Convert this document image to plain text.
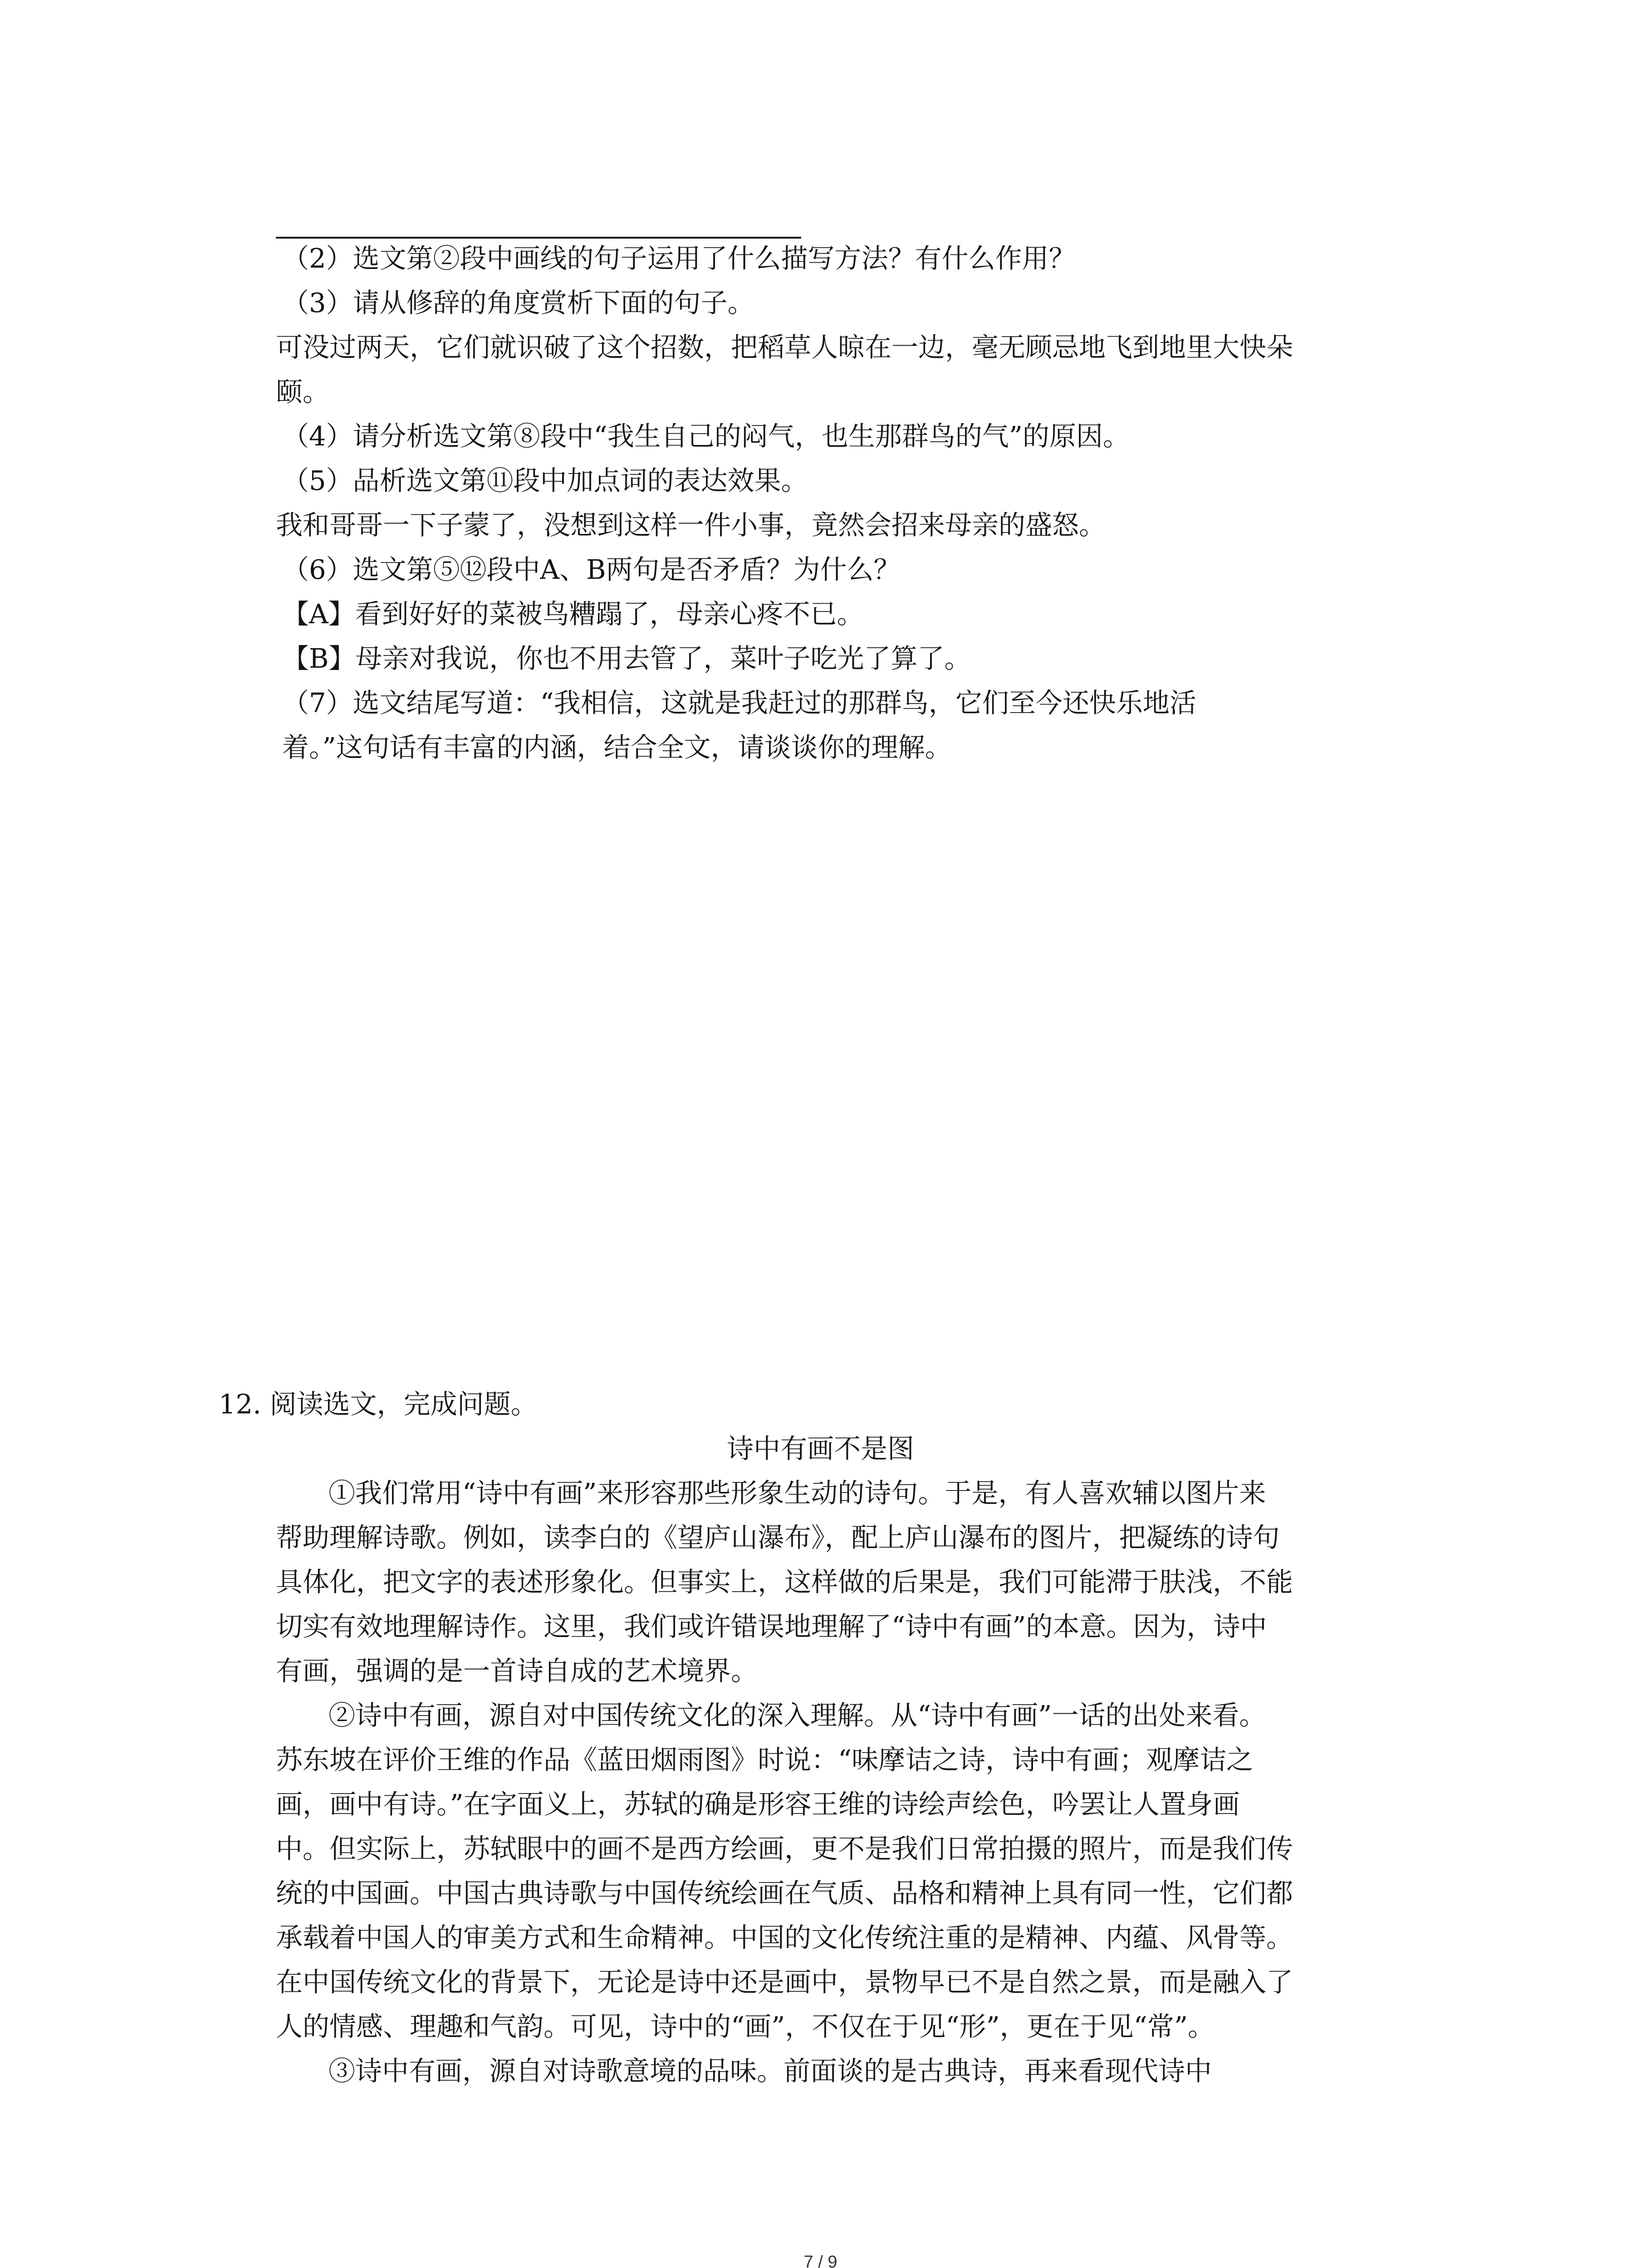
（2）选文第②段中画线的句子运用了什么描写方法？有什么作用？
（3）请从修辞的角度赏析下面的句子。
可没过两天，它们就识破了这个招数，把稻草人晾在一边，毫无顾忌地飞到地里大快朵
颐。
（4）请分析选文第⑧段中“我生自己的闷气，也生那群鸟的气”的原因。
（5）品析选文第⑪段中加点词的表达效果。
我和哥哥一下子蒙了，没想到这样一件小事，竟然会招来母亲的盛怒。
（6）选文第⑤⑫段中A、B两句是否矛盾？为什么？
【A】看到好好的菜被鸟糟蹋了，母亲心疼不已。
【B】母亲对我说，你也不用去管了，菜叶子吃光了算了。
（7）选文结尾写道：“我相信，这就是我赶过的那群鸟，它们至今还快乐地活
着。”这句话有丰富的内涵，结合全文，请谈谈你的理解。
12. 阅读选文，完成问题。
诗中有画不是图
①我们常用“诗中有画”来形容那些形象生动的诗句。于是，有人喜欢辅以图片来
帮助理解诗歌。例如，读李白的《望庐山瀑布》，配上庐山瀑布的图片，把凝练的诗句
具体化，把文字的表述形象化。但事实上，这样做的后果是，我们可能滞于肤浅，不能
切实有效地理解诗作。这里，我们或许错误地理解了“诗中有画”的本意。因为，诗中
有画，强调的是一首诗自成的艺术境界。
②诗中有画，源自对中国传统文化的深入理解。从“诗中有画”一话的出处来看。
苏东坡在评价王维的作品《蓝田烟雨图》时说：“味摩诘之诗，诗中有画；观摩诘之
画，画中有诗。”在字面义上，苏轼的确是形容王维的诗绘声绘色，吟罢让人置身画
中。但实际上，苏轼眼中的画不是西方绘画，更不是我们日常拍摄的照片，而是我们传
统的中国画。中国古典诗歌与中国传统绘画在气质、品格和精神上具有同一性，它们都
承载着中国人的审美方式和生命精神。中国的文化传统注重的是精神、内蕴、风骨等。
在中国传统文化的背景下，无论是诗中还是画中，景物早已不是自然之景，而是融入了
人的情感、理趣和气韵。可见，诗中的“画”，不仅在于见“形”，更在于见“常”。
③诗中有画，源自对诗歌意境的品味。前面谈的是古典诗，再来看现代诗中
7 / 9
